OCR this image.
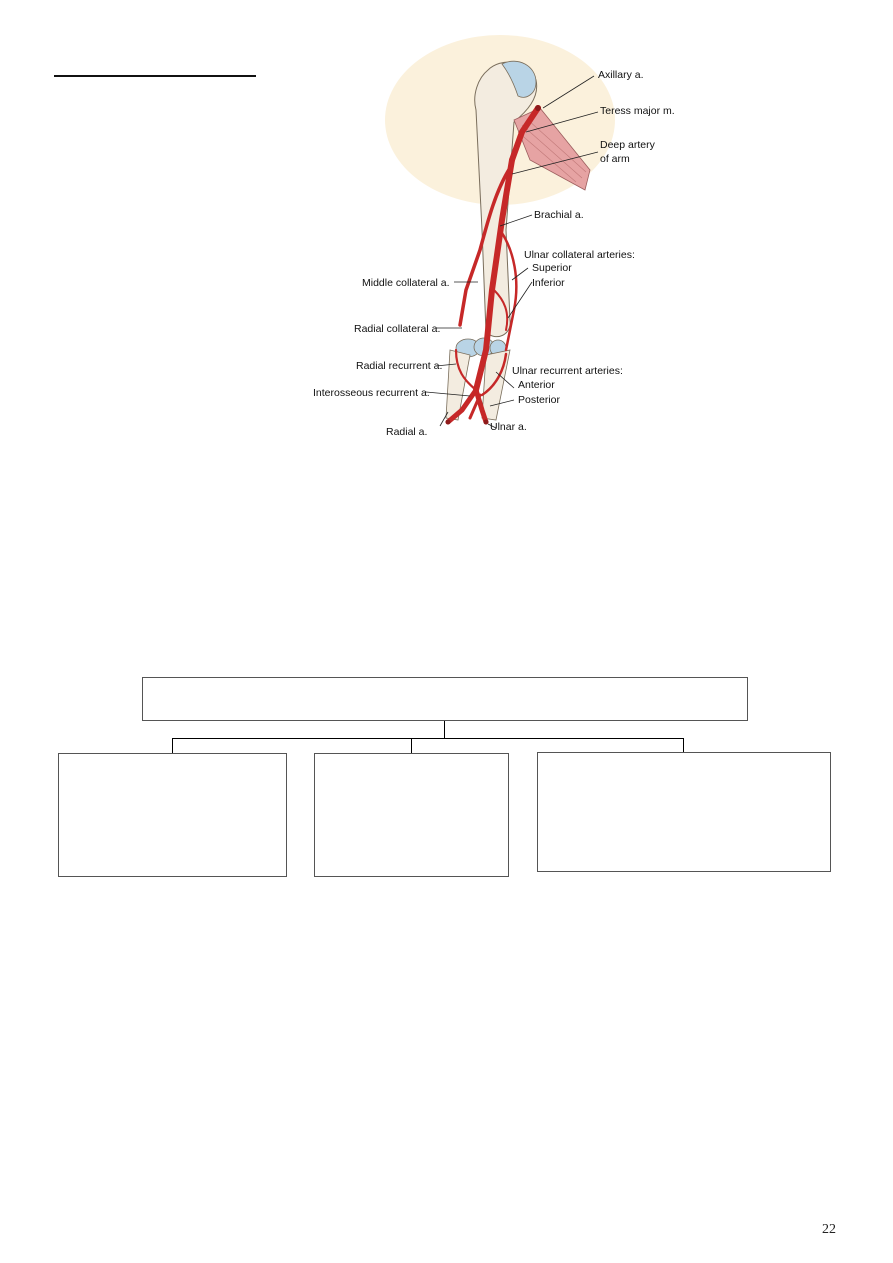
Axillary a.
Teress major m.
Deep artery
of arm
Brachial a.
Ulnar collateral arteries:
Superior
Inferior
Middle collateral a.
Radial collateral a.
Radial recurrent a.	Ulnar recurrent arteries:
Anterior
Interosseous recurrent a.
Posterior
Radial a.	Ulnar a.
22
